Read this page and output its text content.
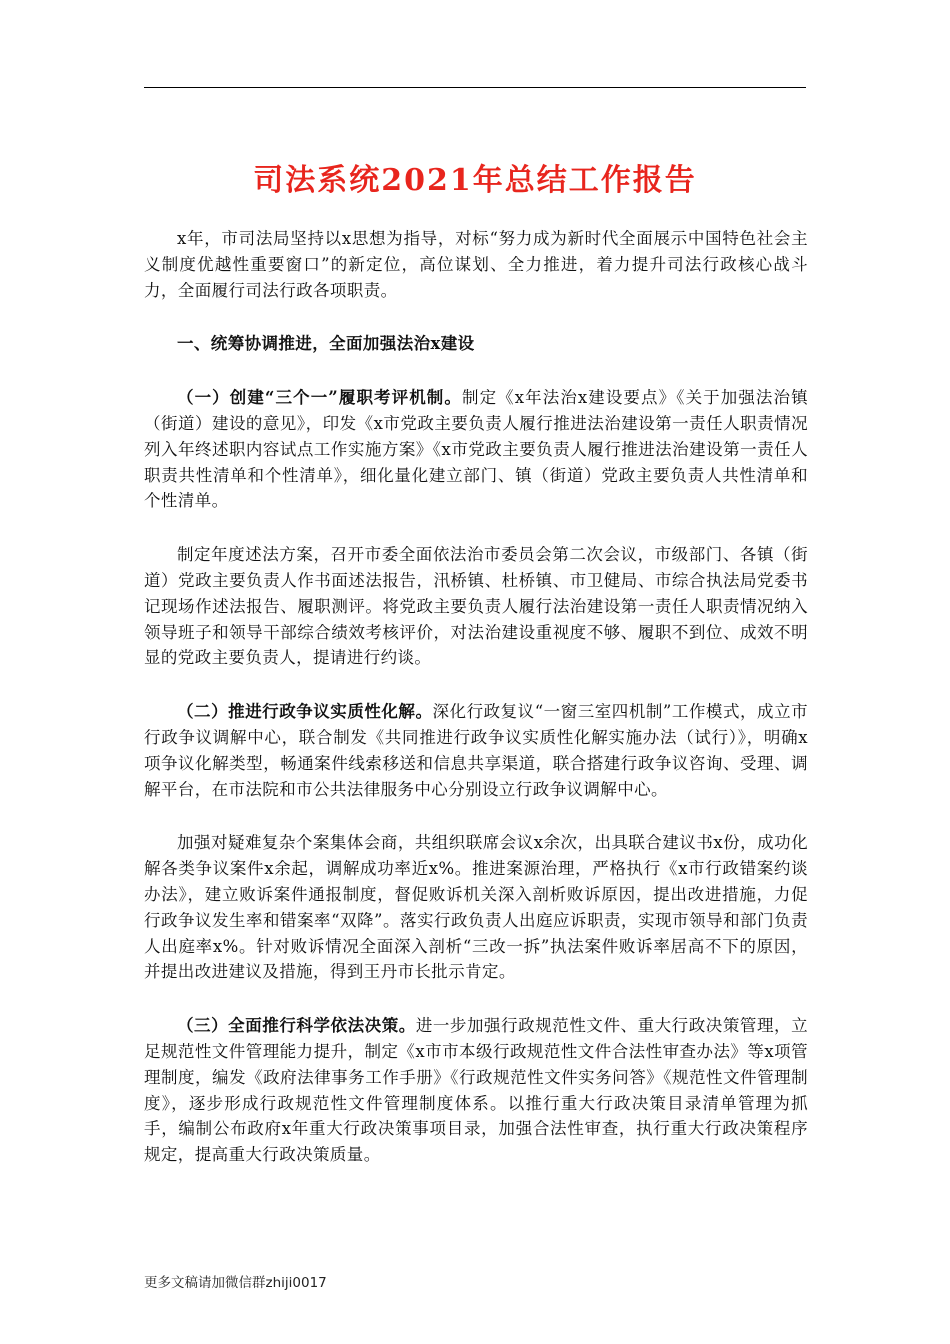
司法系统2021年总结工作报告

x年，市司法局坚持以x思想为指导，对标“努力成为新时代全面展示中国特色社会主义制度优越性重要窗口”的新定位，高位谋划、全力推进，着力提升司法行政核心战斗力，全面履行司法行政各项职责。

一、统筹协调推进，全面加强法治x建设

（一）创建“三个一”履职考评机制。制定《x年法治x建设要点》《关于加强法治镇（街道）建设的意见》，印发《x市党政主要负责人履行推进法治建设第一责任人职责情况列入年终述职内容试点工作实施方案》《x市党政主要负责人履行推进法治建设第一责任人职责共性清单和个性清单》，细化量化建立部门、镇（街道）党政主要负责人共性清单和个性清单。

制定年度述法方案，召开市委全面依法治市委员会第二次会议，市级部门、各镇（街道）党政主要负责人作书面述法报告，汛桥镇、杜桥镇、市卫健局、市综合执法局党委书记现场作述法报告、履职测评。将党政主要负责人履行法治建设第一责任人职责情况纳入领导班子和领导干部综合绩效考核评价，对法治建设重视度不够、履职不到位、成效不明显的党政主要负责人，提请进行约谈。

（二）推进行政争议实质性化解。深化行政复议“一窗三室四机制”工作模式，成立市行政争议调解中心，联合制发《共同推进行政争议实质性化解实施办法（试行）》，明确x项争议化解类型，畅通案件线索移送和信息共享渠道，联合搭建行政争议咨询、受理、调解平台，在市法院和市公共法律服务中心分别设立行政争议调解中心。

加强对疑难复杂个案集体会商，共组织联席会议x余次，出具联合建议书x份，成功化解各类争议案件x余起，调解成功率近x%。推进案源治理，严格执行《x市行政错案约谈办法》，建立败诉案件通报制度，督促败诉机关深入剖析败诉原因，提出改进措施，力促行政争议发生率和错案率“双降”。落实行政负责人出庭应诉职责，实现市领导和部门负责人出庭率x%。针对败诉情况全面深入剖析“三改一拆”执法案件败诉率居高不下的原因，并提出改进建议及措施，得到王丹市长批示肯定。

（三）全面推行科学依法决策。进一步加强行政规范性文件、重大行政决策管理，立足规范性文件管理能力提升，制定《x市市本级行政规范性文件合法性审查办法》等x项管理制度，编发《政府法律事务工作手册》《行政规范性文件实务问答》《规范性文件管理制度》，逐步形成行政规范性文件管理制度体系。以推行重大行政决策目录清单管理为抓手，编制公布政府x年重大行政决策事项目录，加强合法性审查，执行重大行政决策程序规定，提高重大行政决策质量。

更多文稿请加微信群zhiji0017
